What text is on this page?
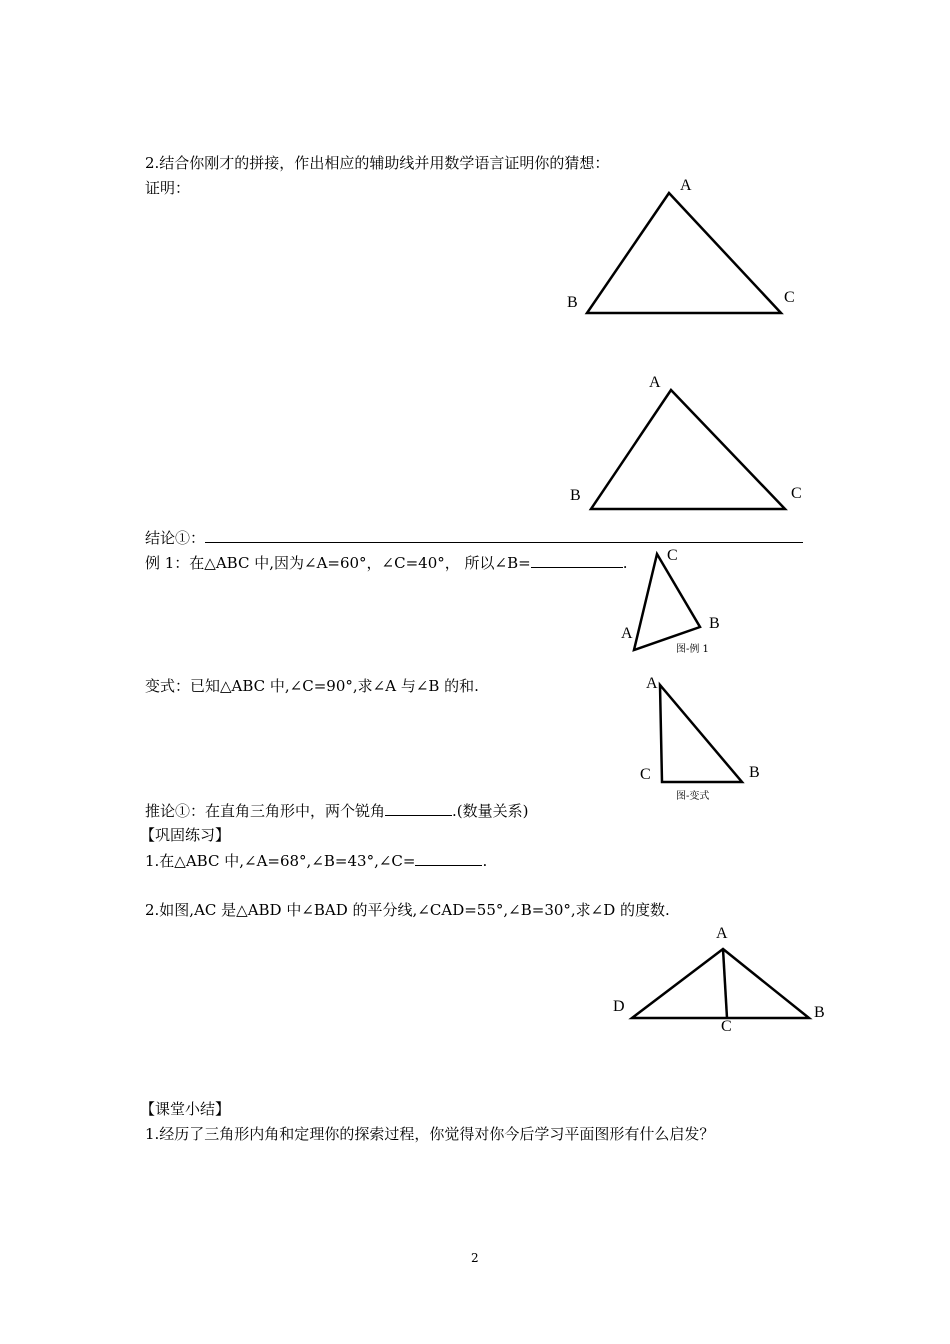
2.结合你刚才的拼接，作出相应的辅助线并用数学语言证明你的猜想：
证明：	A
B	C
A
B	C
结论①：
例 1：在△ABC 中,因为∠A=60°，∠C=40°， 所以∠B=	. C
B
A
图-例 1
变式：已知△ABC 中,∠C=90°,求∠A 与∠B 的和.	A
C	B
图-变式
推论①：在直角三角形中，两个锐角	.(数量关系)
【巩固练习】
1.在△ABC 中,∠A=68°,∠B=43°,∠C=	.
2.如图,AC 是△ABD 中∠BAD 的平分线,∠CAD=55°,∠B=30°,求∠D 的度数.
A
D
C
B
【课堂小结】
1.经历了三角形内角和定理你的探索过程，你觉得对你今后学习平面图形有什么启发？
2
